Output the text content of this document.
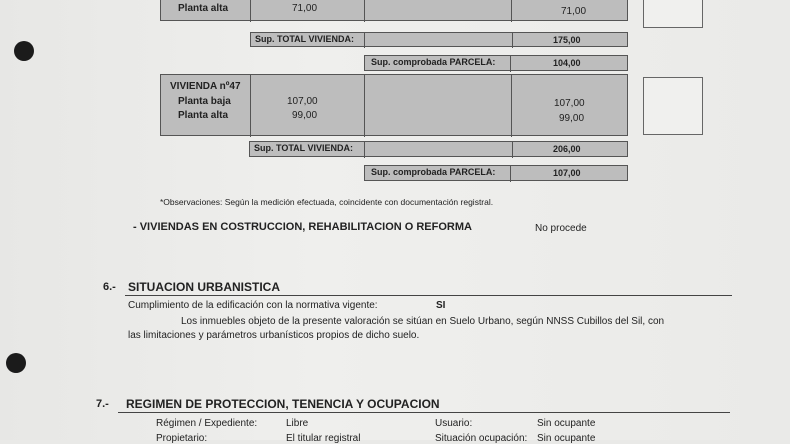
Planta alta	71,00	71,00
Sup. TOTAL VIVIENDA:	175,00
Sup. comprobada PARCELA:	104,00
VIVIENDA nº47
Planta baja	107,00	107,00
Planta alta	99,00	99,00
Sup. TOTAL VIVIENDA:	206,00
Sup. comprobada PARCELA:	107,00
*Observaciones: Según la medición efectuada, coincidente con documentación registral.
- VIVIENDAS EN COSTRUCCION, REHABILITACION O REFORMA	No procede
6.- SITUACION URBANISTICA
Cumplimiento de la edificación con la normativa vigente:	SI
Los inmuebles objeto de la presente valoración se sitúan en Suelo Urbano, según NNSS Cubillos del Sil, con
las limitaciones y parámetros urbanísticos propios de dicho suelo.
7.- REGIMEN DE PROTECCION, TENENCIA Y OCUPACION
Régimen / Expediente:	Libre	Usuario:	Sin ocupante
Propietario:	El titular registral	Situación ocupación: Sin ocupante
